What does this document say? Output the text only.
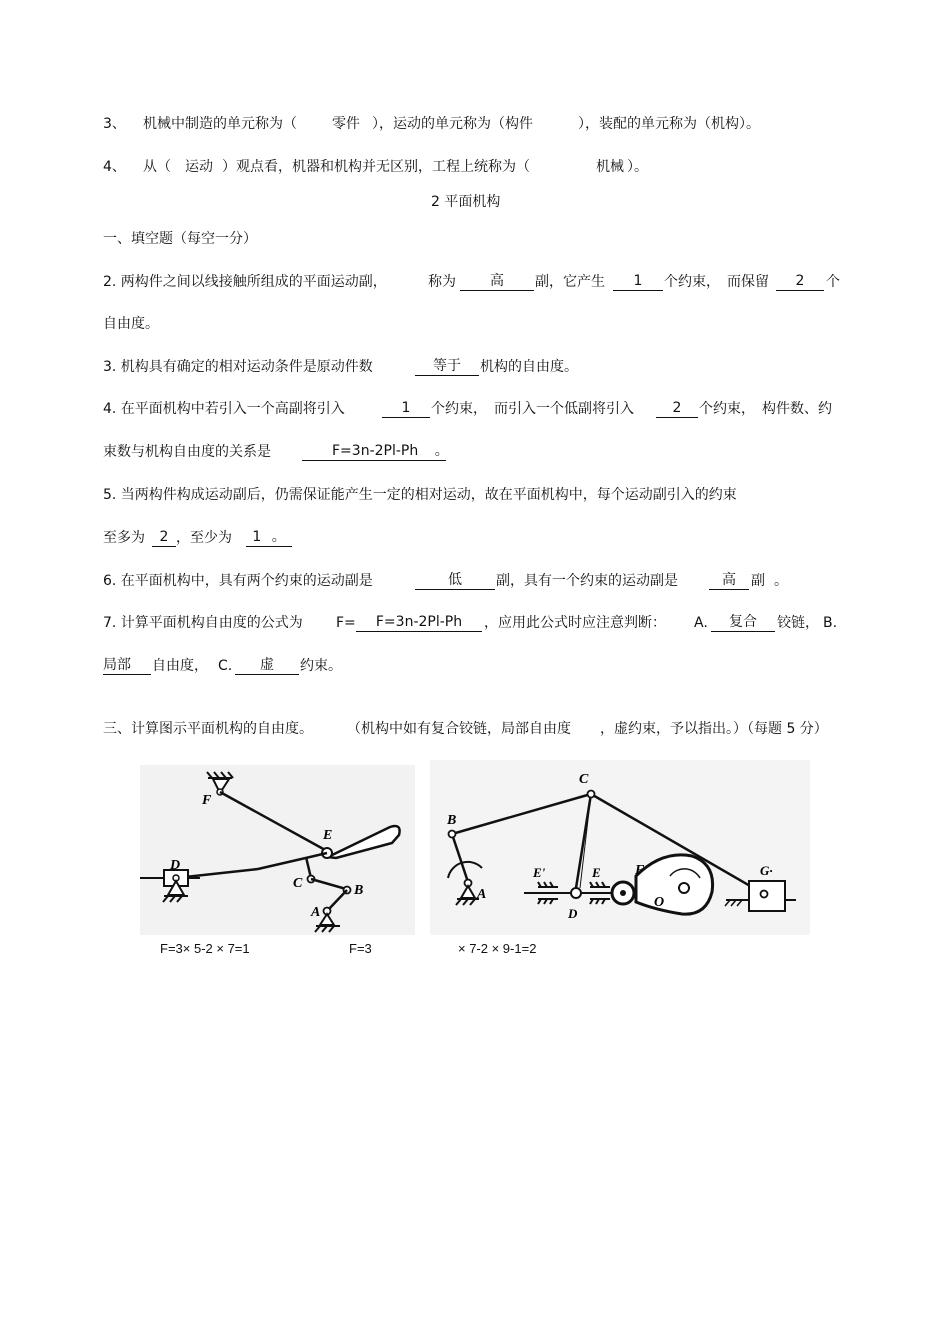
3、 机械中制造的单元称为（	零件 ），运动的单元称为（构件	），装配的单元称为（机构）。
4、 从（ 运动 ）观点看，机器和机构并无区别，工程上统称为（	机械 ）。
2 平面机构
一、填空题（每空一分）
2. 两构件之间以线接触所组成的平面运动副，	称为	高	副，它产生	1	个约束， 而保留	2	个
自由度。
3. 机构具有确定的相对运动条件是原动件数	等于	机构的自由度。
4. 在平面机构中若引入一个高副将引入	1	个约束， 而引入一个低副将引入	2	个约束， 构件数、约
束数与机构自由度的关系是	F=3n-2Pl-Ph 。
5. 当两构件构成运动副后，仍需保证能产生一定的相对运动，故在平面机构中，每个运动副引入的约束
至多为	2 ，至少为	1 。
6. 在平面机构中，具有两个约束的运动副是	低	副，具有一个约束的运动副是	高	副 。
7. 计算平面机构自由度的公式为 F=	F=3n-2Pl-Ph	，应用此公式时应注意判断： A.	复合	铰链， B.
局部	自由度， C.	虚	约束。
三、计算图示平面机构的自由度。 （机构中如有复合铰链，局部自由度 ，虚约束，予以指出。）（每题 5 分）
F
E
D
C	B
A
C
B
A
E'	E
D
F
O
G·
F=3× 5-2 × 7=1	F=3	× 7-2 × 9-1=2
